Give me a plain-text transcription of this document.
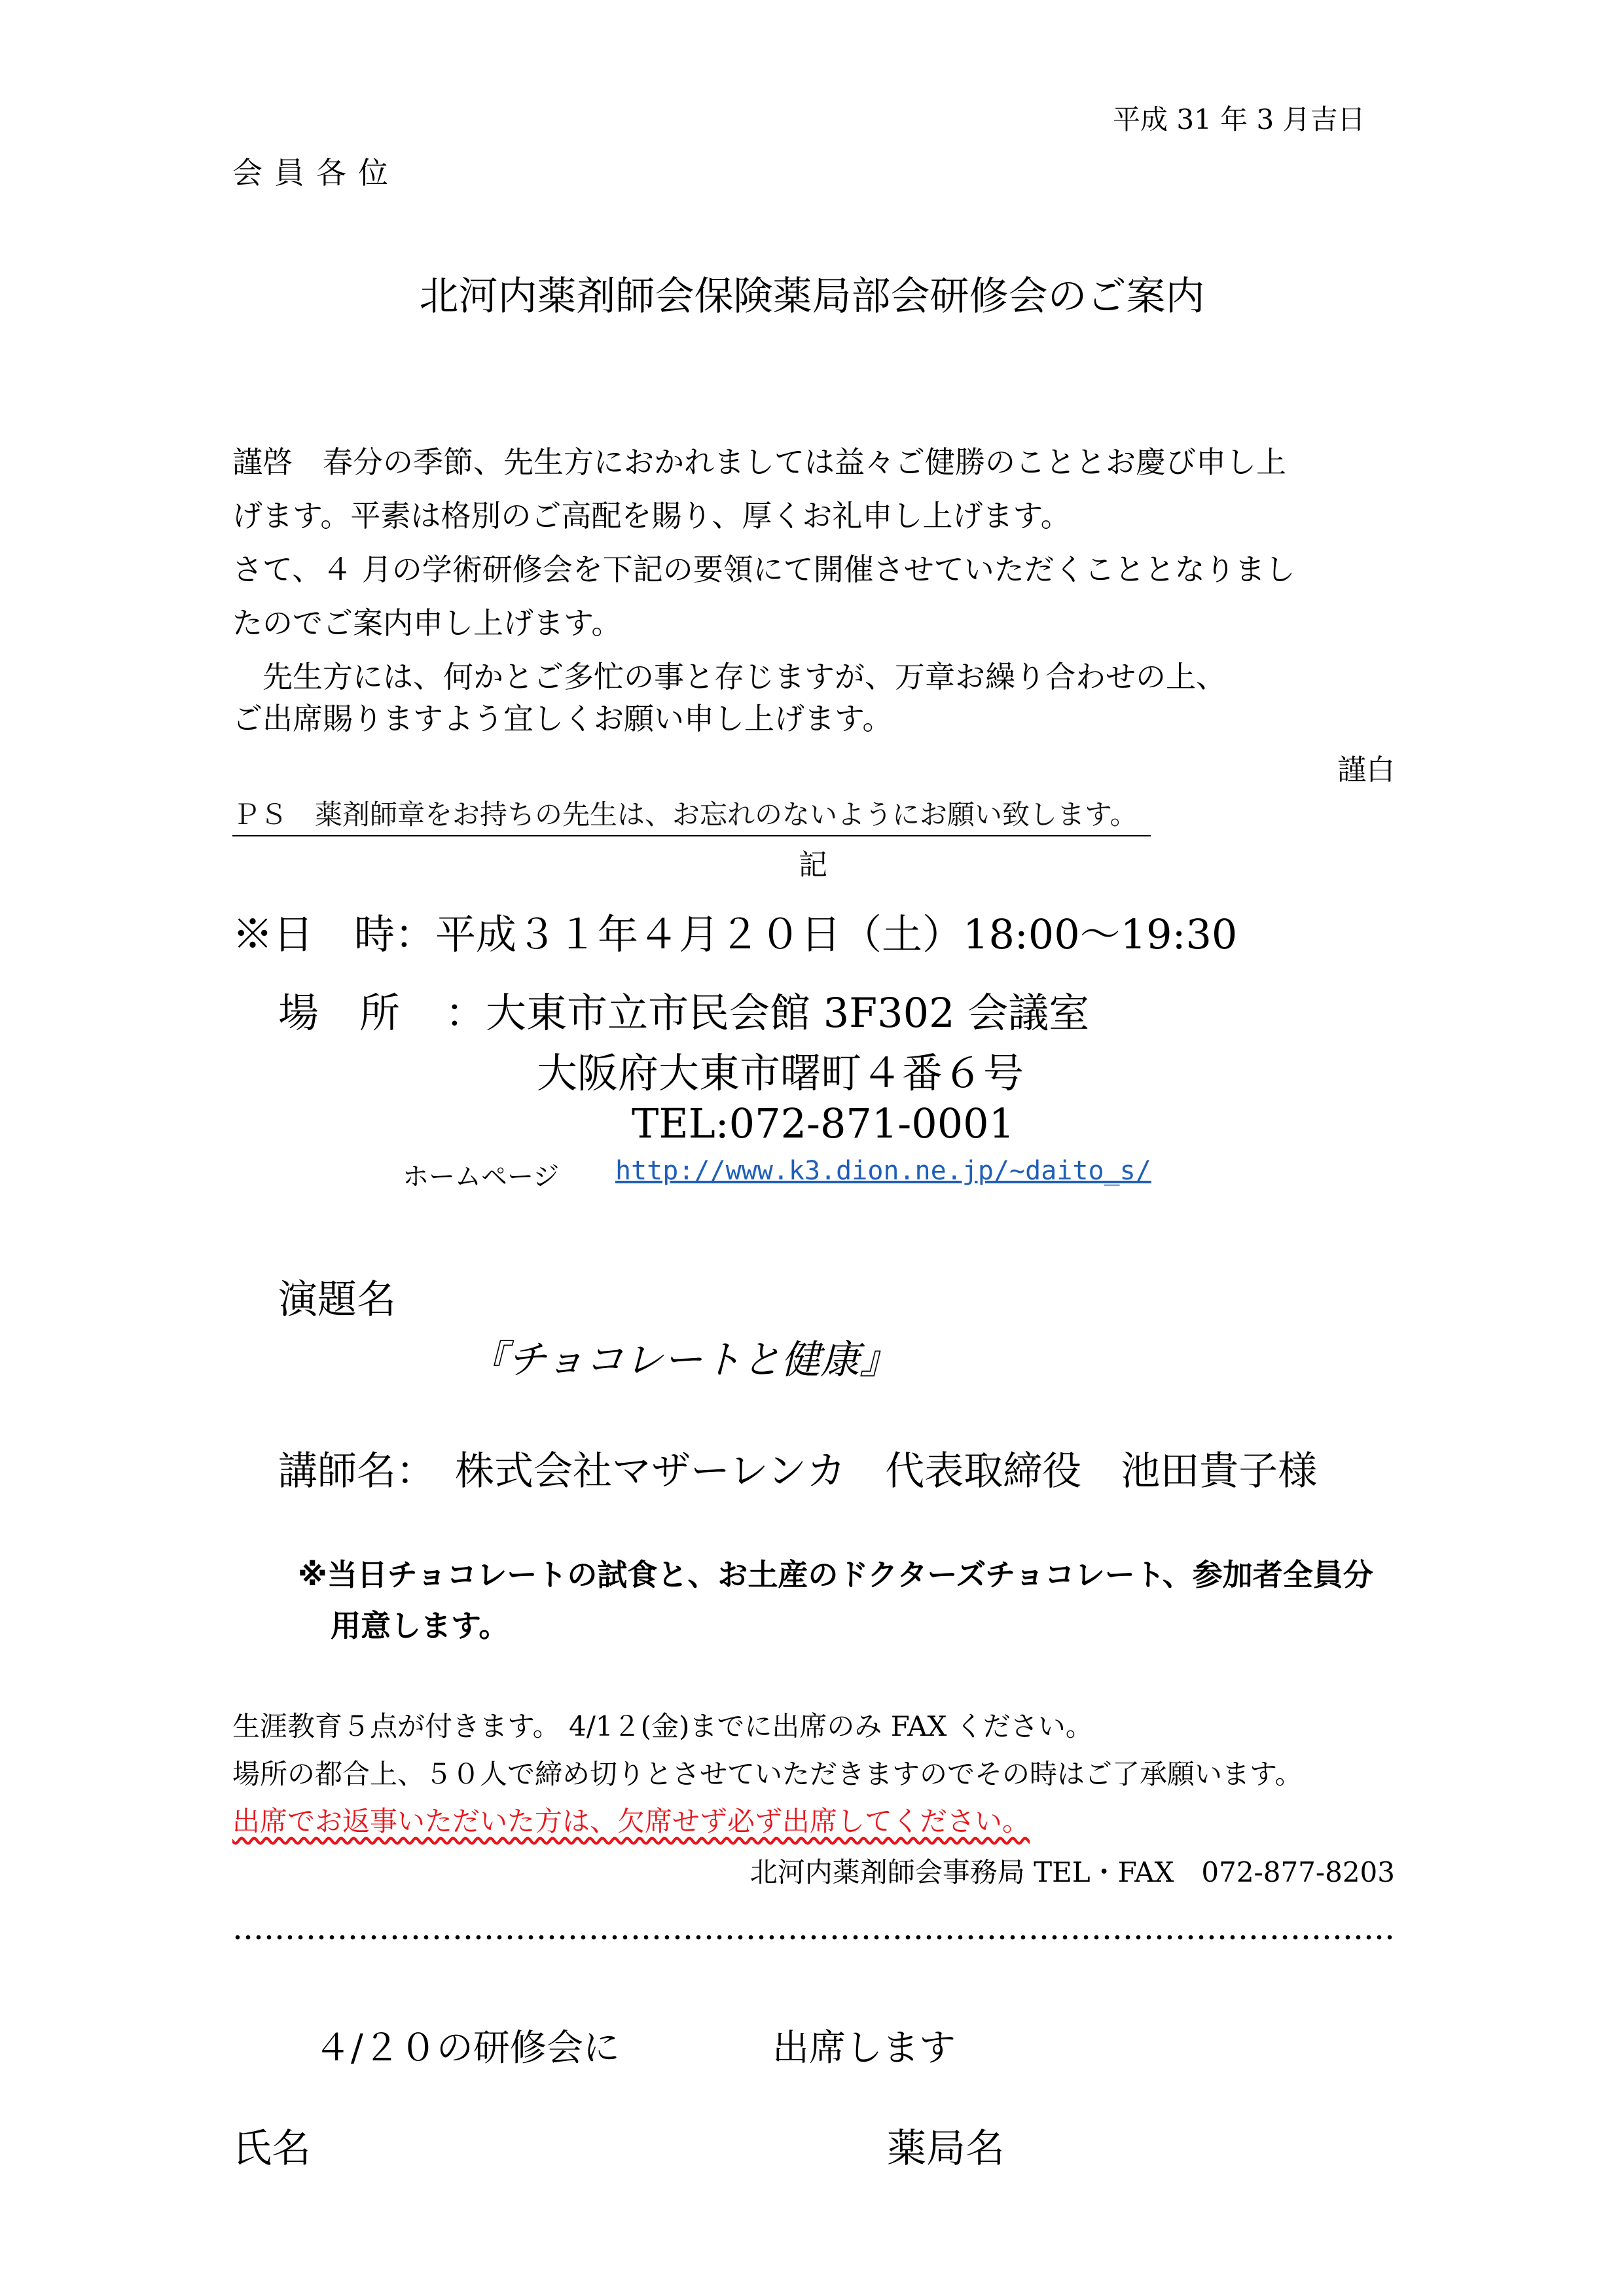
平成 31 年 3 月吉日
会員各位
北河内薬剤師会保険薬局部会研修会のご案内
謹啓　春分の季節、先生方におかれましては益々ご健勝のこととお慶び申し上
げます。平素は格別のご高配を賜り、厚くお礼申し上げます。
さて、４ 月の学術研修会を下記の要領にて開催させていただくこととなりまし
たのでご案内申し上げます。
　先生方には、何かとご多忙の事と存じますが、万章お繰り合わせの上、
ご出席賜りますよう宜しくお願い申し上げます。
謹白
ＰＳ　薬剤師章をお持ちの先生は、お忘れのないようにお願い致します。
記
※日　時：平成３１年４月２０日（土）18:00～19:30
場　所 ：大東市立市民会館 3F302 会議室
大阪府大東市曙町４番６号
TEL:072-871-0001
ホームページ http://www.k3.dion.ne.jp/~daito_s/
演題名
『チョコレートと健康』
講師名：　株式会社マザーレンカ　代表取締役　池田貴子様
※当日チョコレートの試食と、お土産のドクターズチョコレート、参加者全員分
用意します。
生涯教育５点が付きます。 4/1２(金)までに出席のみ FAX ください。
場所の都合上、５０人で締め切りとさせていただきますのでその時はご了承願います。
出席でお返事いただいた方は、欠席せず必ず出席してください。
北河内薬剤師会事務局 TEL・FAX　072-877-8203
４/２０の研修会に	出席します
氏名	薬局名
